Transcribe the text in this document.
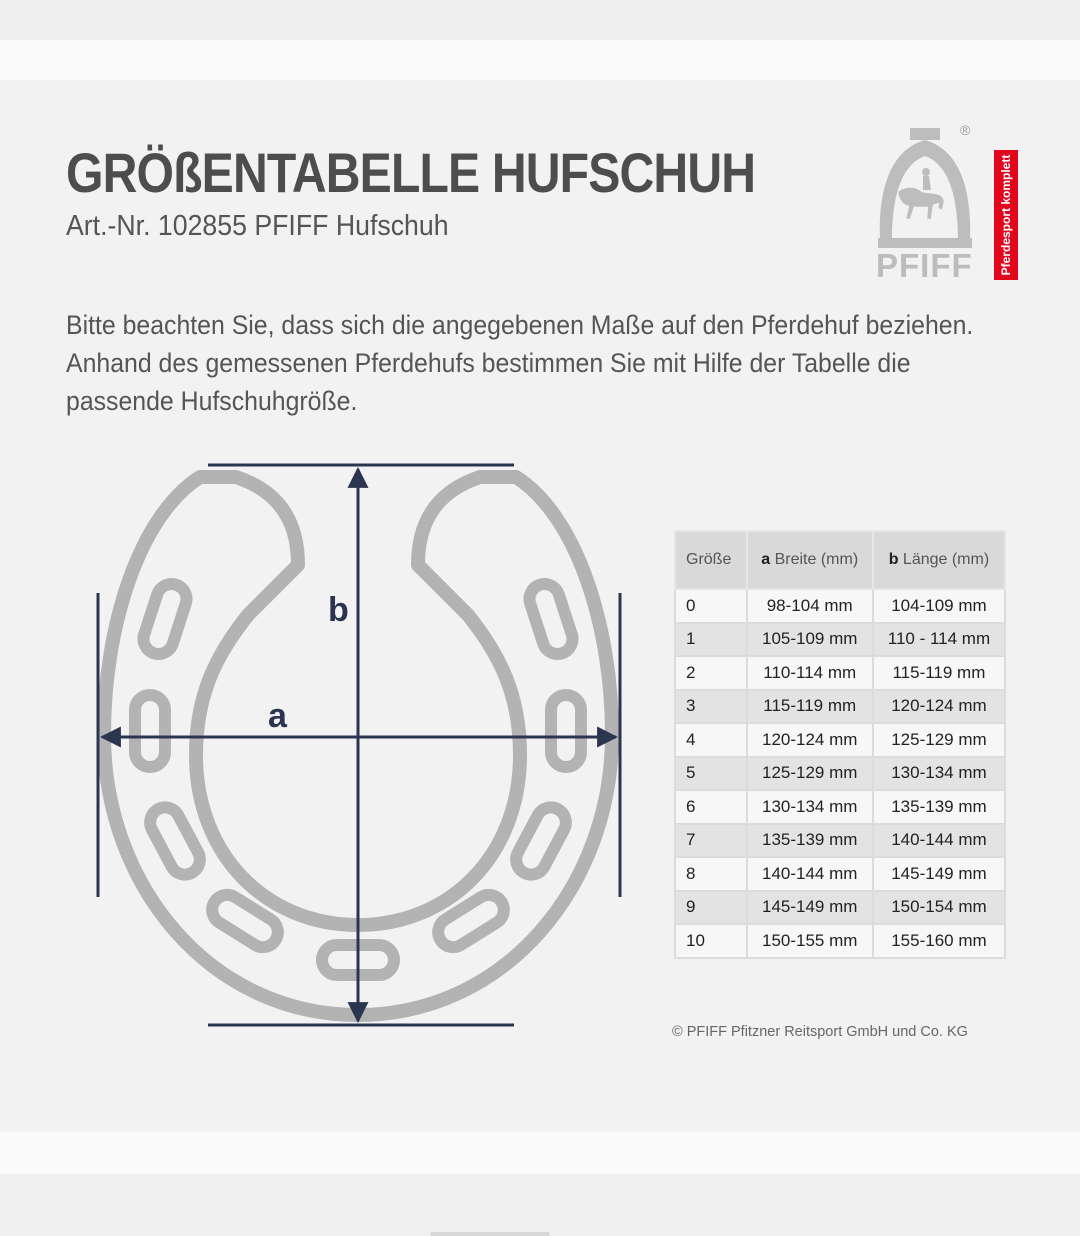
GRÖßENTABELLE HUFSCHUH
Art.-Nr. 102855 PFIFF Hufschuh
®
PFIFF Pferdesport komplett

Bitte beachten Sie, dass sich die angegebenen Maße auf den Pferdehuf beziehen.

Anhand des gemessenen Pferdehufs bestimmen Sie mit Hilfe der Tabelle die

passende Hufschuhgröße.

b
a
Größe	a Breite (mm)	b Länge (mm)
0	98-104 mm	104-109 mm
1	105-109 mm	110 - 114 mm
2	110-114 mm	115-119 mm
3	115-119 mm	120-124 mm
4	120-124 mm	125-129 mm
5	125-129 mm	130-134 mm
6	130-134 mm	135-139 mm
7	135-139 mm	140-144 mm
8	140-144 mm	145-149 mm
9	145-149 mm	150-154 mm
10	150-155 mm	155-160 mm
© PFIFF Pfitzner Reitsport GmbH und Co. KG
